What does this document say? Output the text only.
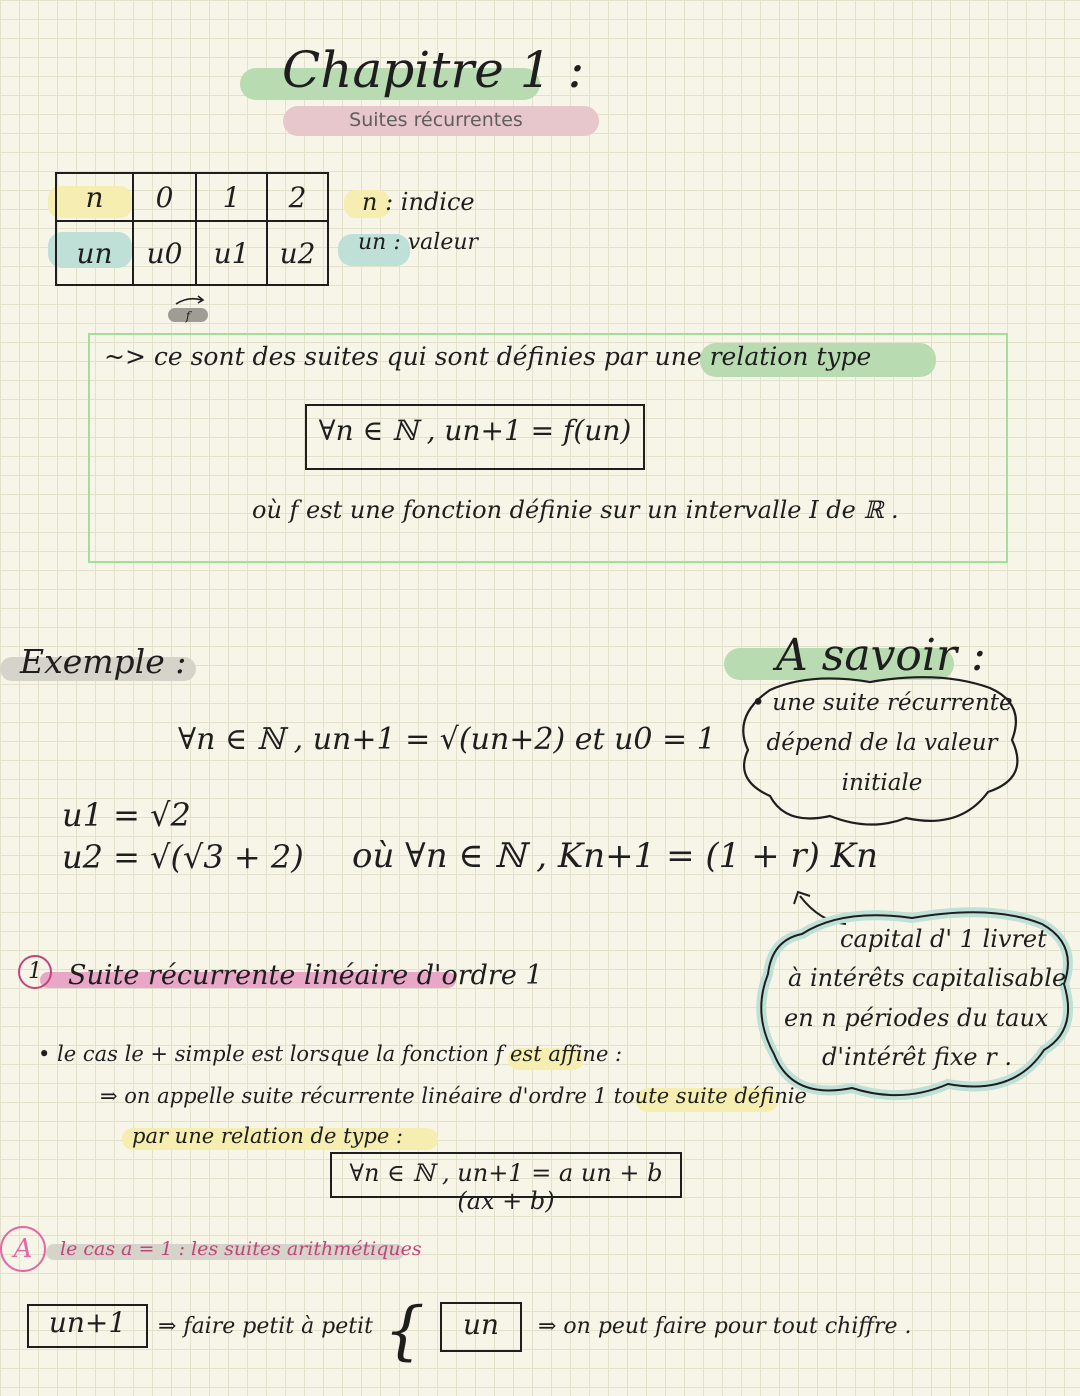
Chapitre 1 :
Suites récurrentes
n	0	1	2
un	u0	u1	u2
n : indice
un : valeur
f
~> ce sont des suites qui sont définies par une relation type
∀n ∈ ℕ , un+1 = f(un)
où f est une fonction définie sur un intervalle I de ℝ .
Exemple :
∀n ∈ ℕ , un+1 = √(un+2) et u0 = 1
u1 = √2
u2 = √(√3 + 2) où ∀n ∈ ℕ , Kn+1 = (1 + r) Kn
A savoir :
• une suite récurrente
dépend de la valeur
initiale
capital d' 1 livret
à intérêts capitalisable
en n périodes du taux
d'intérêt fixe r .
1 Suite récurrente linéaire d'ordre 1
• le cas le + simple est lorsque la fonction f est affine :
⇒ on appelle suite récurrente linéaire d'ordre 1 toute suite définie
par une relation de type :
∀n ∈ ℕ , un+1 = a un + b (ax + b)
A	le cas a = 1 : les suites arithmétiques
un+1	⇒ faire petit à petit {	un	⇒ on peut faire pour tout chiffre .
